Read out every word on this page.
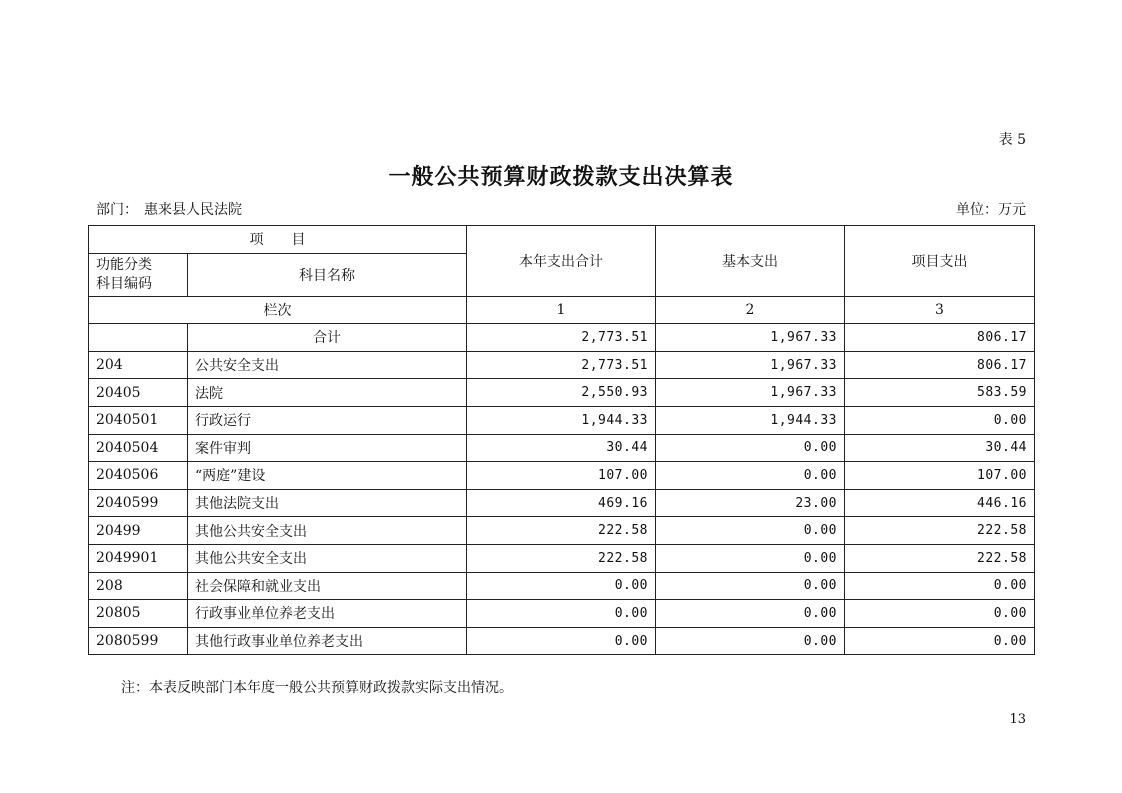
表 5
一般公共预算财政拨款支出决算表
部门： 惠来县人民法院	单位：万元
项　　目		本年支出合计	基本支出	项目支出

功能分类
科目编码	科目名称			
栏次		1	2	3
	合计	2,773.51	1,967.33	806.17
204	公共安全支出	2,773.51	1,967.33	806.17
20405	法院	2,550.93	1,967.33	583.59
2040501	行政运行	1,944.33	1,944.33	0.00
2040504	案件审判	30.44	0.00	30.44
2040506	“两庭”建设	107.00	0.00	107.00
2040599	其他法院支出	469.16	23.00	446.16
20499	其他公共安全支出	222.58	0.00	222.58
2049901	其他公共安全支出	222.58	0.00	222.58
208	社会保障和就业支出	0.00	0.00	0.00
20805	行政事业单位养老支出	0.00	0.00	0.00
2080599	其他行政事业单位养老支出	0.00	0.00	0.00
注：本表反映部门本年度一般公共预算财政拨款实际支出情况。
13
